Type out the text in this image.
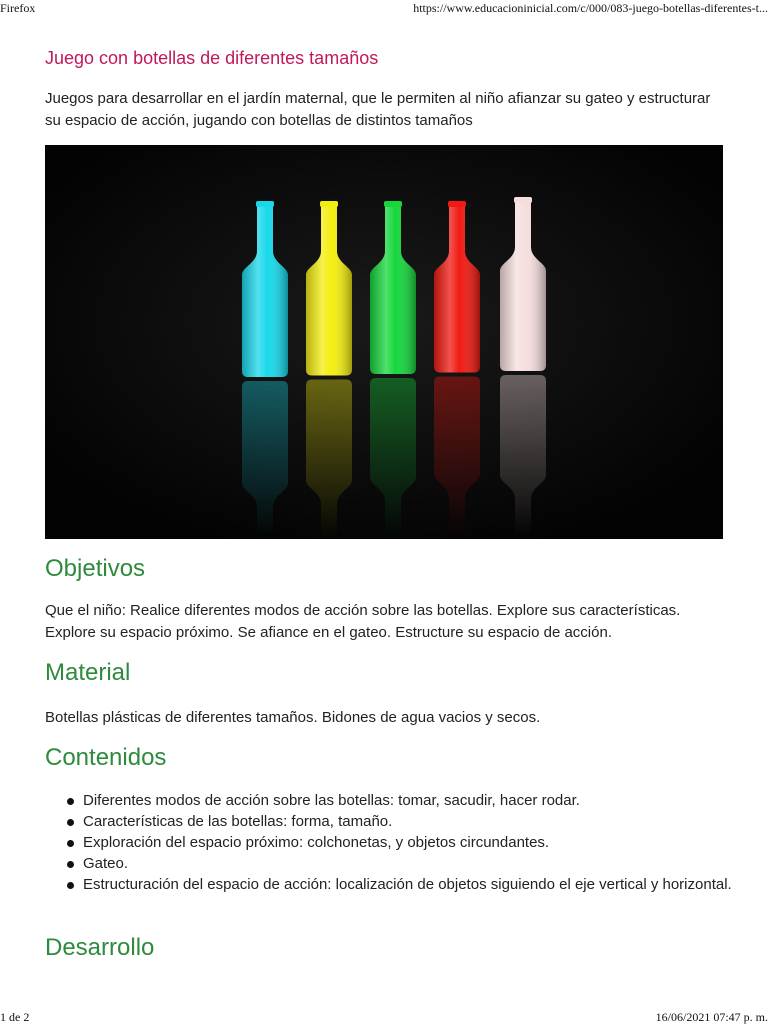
Firefox	https://www.educacioninicial.com/c/000/083-juego-botellas-diferentes-t...
Juego con botellas de diferentes tamaños

Juegos para desarrollar en el jardín maternal, que le permiten al niño afianzar su gateo y estructurar su espacio de acción, jugando con botellas de distintos tamaños

Objetivos

Que el niño: Realice diferentes modos de acción sobre las botellas. Explore sus características. Explore su espacio próximo. Se afiance en el gateo. Estructure su espacio de acción.

Material

Botellas plásticas de diferentes tamaños. Bidones de agua vacios y secos.

Contenidos
Diferentes modos de acción sobre las botellas: tomar, sacudir, hacer rodar.
Características de las botellas: forma, tamaño.
Exploración del espacio próximo: colchonetas, y objetos circundantes.
Gateo.
Estructuración del espacio de acción: localización de objetos siguiendo el eje vertical y horizontal.
Desarrollo
1 de 2	16/06/2021 07:47 p. m.
